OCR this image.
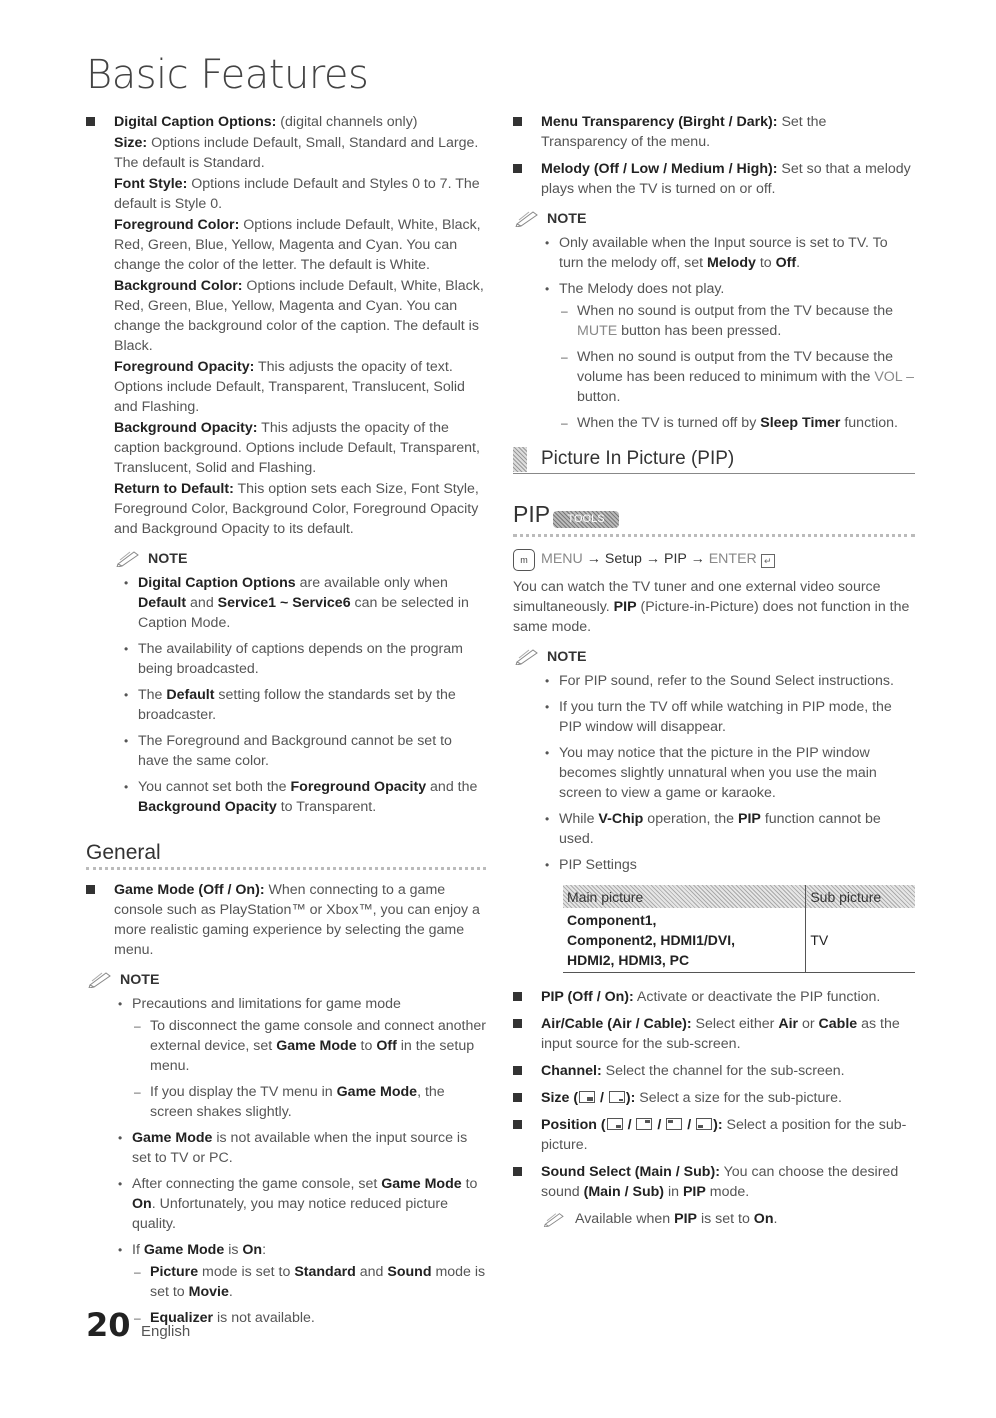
Basic Features
Digital Caption Options: (digital channels only)
Size: Options include Default, Small, Standard and Large. The default is Standard.
Font Style: Options include Default and Styles 0 to 7. The default is Style 0.
Foreground Color: Options include Default, White, Black, Red, Green, Blue, Yellow, Magenta and Cyan. You can change the color of the letter. The default is White.
Background Color: Options include Default, White, Black, Red, Green, Blue, Yellow, Magenta and Cyan. You can change the background color of the caption. The default is Black.
Foreground Opacity: This adjusts the opacity of text. Options include Default, Transparent, Translucent, Solid and Flashing.
Background Opacity: This adjusts the opacity of the caption background. Options include Default, Transparent, Translucent, Solid and Flashing.
Return to Default: This option sets each Size, Font Style, Foreground Color, Background Color, Foreground Opacity and Background Opacity to its default.
NOTE
• Digital Caption Options are available only when Default and Service1 ~ Service6 can be selected in Caption Mode.
• The availability of captions depends on the program being broadcasted.
• The Default setting follow the standards set by the broadcaster.
• The Foreground and Background cannot be set to have the same color.
• You cannot set both the Foreground Opacity and the Background Opacity to Transparent.
General
Game Mode (Off / On): When connecting to a game console such as PlayStation™ or Xbox™, you can enjoy a more realistic gaming experience by selecting the game menu.
NOTE
• Precautions and limitations for game mode
– To disconnect the game console and connect another external device, set Game Mode to Off in the setup menu.
– If you display the TV menu in Game Mode, the screen shakes slightly.
• Game Mode is not available when the input source is set to TV or PC.
• After connecting the game console, set Game Mode to On. Unfortunately, you may notice reduced picture quality.
• If Game Mode is On:
– Picture mode is set to Standard and Sound mode is set to Movie.
– Equalizer is not available.
Menu Transparency (Birght / Dark): Set the Transparency of the menu.
Melody (Off / Low / Medium / High): Set so that a melody plays when the TV is turned on or off.
NOTE
• Only available when the Input source is set to TV. To turn the melody off, set Melody to Off.
• The Melody does not play.
– When no sound is output from the TV because the MUTE button has been pressed.
– When no sound is output from the TV because the volume has been reduced to minimum with the VOL – button.
– When the TV is turned off by Sleep Timer function.
Picture In Picture (PIP)
PIP	TOOLS
m MENU → Setup → PIP → ENTER ↵
You can watch the TV tuner and one external video source simultaneously. PIP (Picture-in-Picture) does not function in the same mode.
NOTE
• For PIP sound, refer to the Sound Select instructions.
• If you turn the TV off while watching in PIP mode, the PIP window will disappear.
• You may notice that the picture in the PIP window becomes slightly unnatural when you use the main screen to view a game or karaoke.
• While V-Chip operation, the PIP function cannot be used.
• PIP Settings
Main picture	Sub picture

Component1,
Component2, HDMI1/DVI,
HDMI2, HDMI3, PC	TV
PIP (Off / On): Activate or deactivate the PIP function.
Air/Cable (Air / Cable): Select either Air or Cable as the input source for the sub-screen.
Channel: Select the channel for the sub-screen.
Size (
/
): Select a size for the sub-picture.
Position (
/
/
/
): Select a position for the sub-picture.
Sound Select (Main / Sub): You can choose the desired sound (Main / Sub) in PIP mode.
Available when PIP is set to On.
20 English
